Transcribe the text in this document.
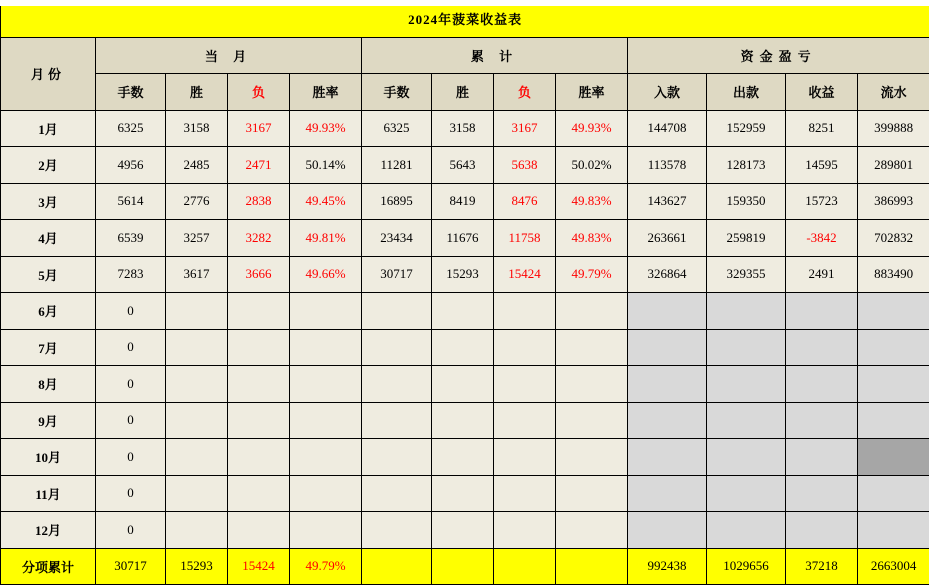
2024年菠菜收益表												
月份	当 月				累 计				资金盈亏			
	手数	胜	负	胜率	手数	胜	负	胜率	入款	出款	收益	流水
1月	6325	3158	3167	49.93%	6325	3158	3167	49.93%	144708	152959	8251	399888
2月	4956	2485	2471	50.14%	11281	5643	5638	50.02%	113578	128173	14595	289801
3月	5614	2776	2838	49.45%	16895	8419	8476	49.83%	143627	159350	15723	386993
4月	6539	3257	3282	49.81%	23434	11676	11758	49.83%	263661	259819	-3842	702832
5月	7283	3617	3666	49.66%	30717	15293	15424	49.79%	326864	329355	2491	883490
6月	0											
7月	0											
8月	0											
9月	0											
10月	0											
11月	0											
12月	0											
分项累计	30717	15293	15424	49.79%					992438	1029656	37218	2663004
